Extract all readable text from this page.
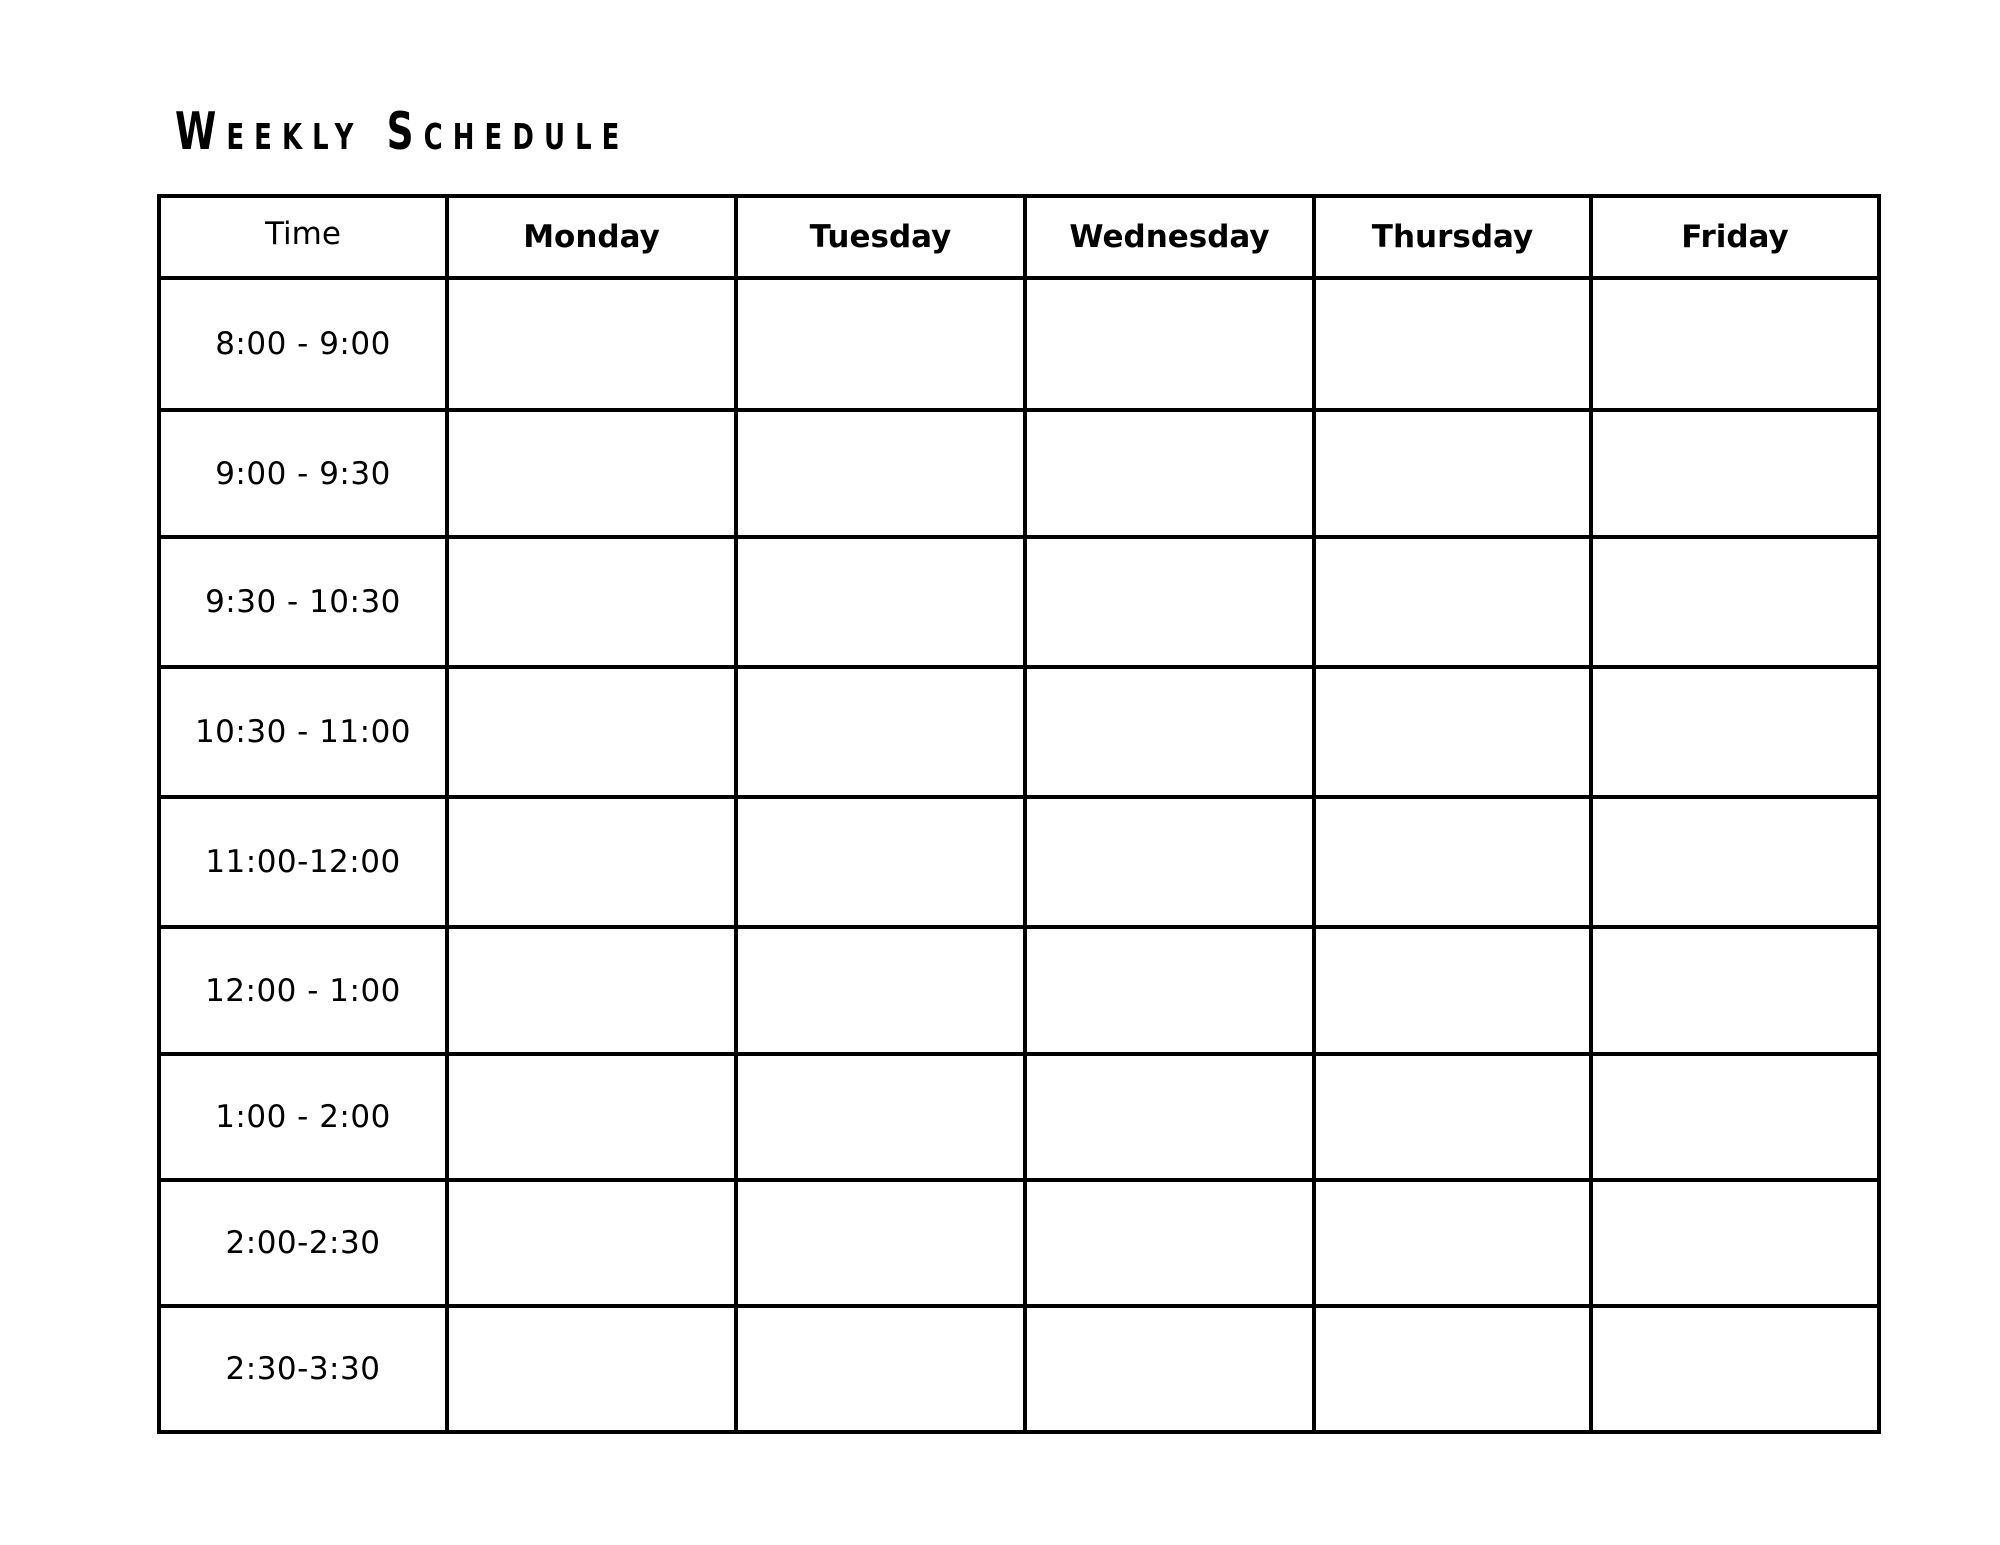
Weekly Schedule
Time	Monday	Tuesday	Wednesday	Thursday	Friday
8:00 - 9:00					
9:00 - 9:30					
9:30 - 10:30					
10:30 - 11:00					
11:00-12:00					
12:00 - 1:00					
1:00 - 2:00					
2:00-2:30					
2:30-3:30					
